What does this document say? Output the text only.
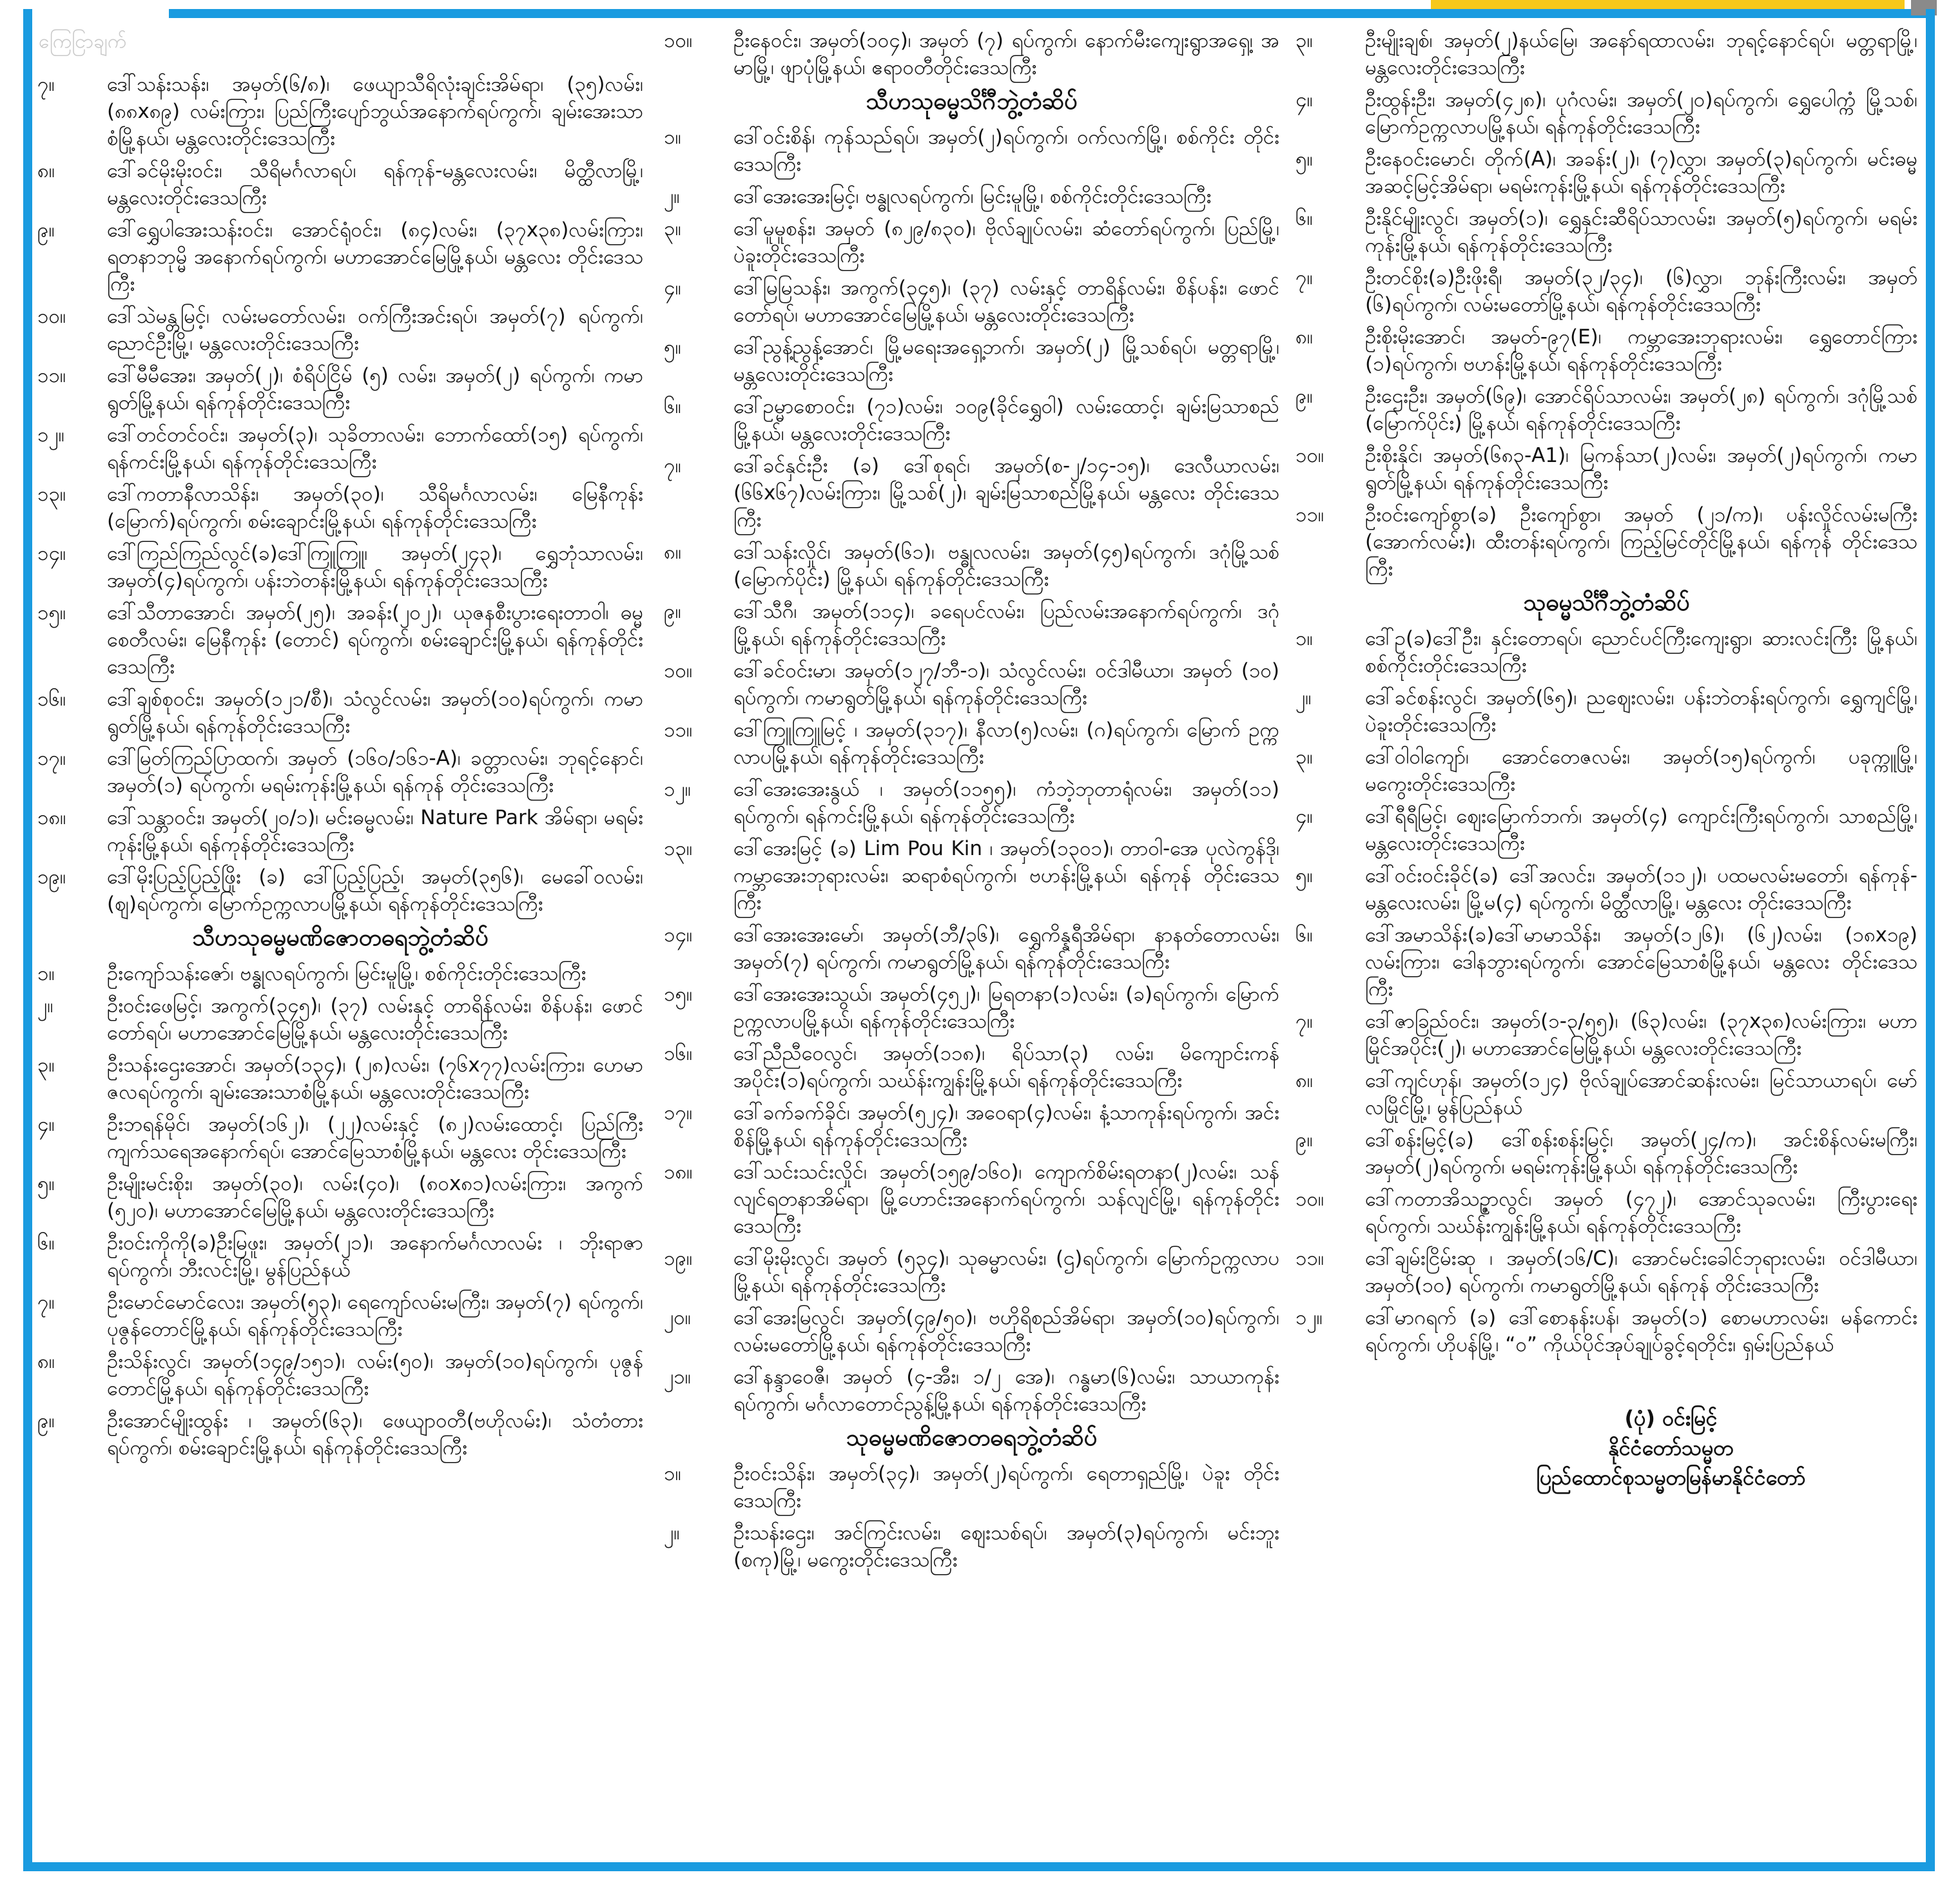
ကြေငြာချက်
၇။	ဒေါ်သန်းသန်း၊ အမှတ်(၆/၈)၊ ဖေယျာသီရိလုံးချင်းအိမ်ရာ၊ (၃၅)လမ်း၊ (၈၈x၈၉) လမ်းကြား၊ ပြည်ကြီးပျော်ဘွယ်အနောက်ရပ်ကွက်၊ ချမ်းအေးသာစံမြို့နယ်၊ မန္တလေးတိုင်းဒေသကြီး
၈။	ဒေါ်ခင်မိုးမိုးဝင်း၊ သီရိမင်္ဂလာရပ်၊ ရန်ကုန်-မန္တလေးလမ်း၊ မိတ္ထီလာမြို့၊ မန္တလေးတိုင်းဒေသကြီး
၉။	ဒေါ်ရွှေပါအေးသန်းဝင်း၊ အောင်ရုံဝင်း၊ (၈၄)လမ်း၊ (၃၇x၃၈)လမ်းကြား၊ ရတနာဘုမ္မိ အနောက်ရပ်ကွက်၊ မဟာအောင်မြေမြို့နယ်၊ မန္တလေး တိုင်းဒေသကြီး
၁၀။	ဒေါ်သဲမန္တမြင့်၊ လမ်းမတော်လမ်း၊ ဝက်ကြီးအင်းရပ်၊ အမှတ်(၇) ရပ်ကွက်၊ ညောင်ဦးမြို့၊ မန္တလေးတိုင်းဒေသကြီး
၁၁။	ဒေါ်မီမီအေး၊ အမှတ်(၂)၊ စံရိပ်ငြိမ် (၅) လမ်း၊ အမှတ်(၂) ရပ်ကွက်၊ ကမာရွတ်မြို့နယ်၊ ရန်ကုန်တိုင်းဒေသကြီး
၁၂။	ဒေါ်တင်တင်ဝင်း၊ အမှတ်(၃)၊ သုခိတာလမ်း၊ ဘောက်ထော်(၁၅) ရပ်ကွက်၊ ရန်ကင်းမြို့နယ်၊ ရန်ကုန်တိုင်းဒေသကြီး
၁၃။	ဒေါ်ကတာနီလာသိန်း၊ အမှတ်(၃၀)၊ သီရိမင်္ဂလာလမ်း၊ မြေနီကုန်း (မြောက်)ရပ်ကွက်၊ စမ်းချောင်းမြို့နယ်၊ ရန်ကုန်တိုင်းဒေသကြီး
၁၄။	ဒေါ်ကြည်ကြည်လွင်(ခ)ဒေါ်ကြူကြူ၊ အမှတ်(၂၄၃)၊ ရွှေဘုံသာလမ်း၊ အမှတ်(၄)ရပ်ကွက်၊ ပန်းဘဲတန်းမြို့နယ်၊ ရန်ကုန်တိုင်းဒေသကြီး
၁၅။	ဒေါ်သီတာအောင်၊ အမှတ်(၂၅)၊ အခန်း(၂၀၂)၊ ယုဇနစီးပွားရေးတာဝါ၊ ဓမ္မစေတီလမ်း၊ မြေနီကုန်း (တောင်) ရပ်ကွက်၊ စမ်းချောင်းမြို့နယ်၊ ရန်ကုန်တိုင်းဒေသကြီး
၁၆။	ဒေါ်ချစ်စုဝင်း၊ အမှတ်(၁၂၁/စီ)၊ သံလွင်လမ်း၊ အမှတ်(၁၀)ရပ်ကွက်၊ ကမာရွတ်မြို့နယ်၊ ရန်ကုန်တိုင်းဒေသကြီး
၁၇။	ဒေါ်မြတ်ကြည်ပြာထက်၊ အမှတ် (၁၆၀/၁၆၁-A)၊ ခတ္တာလမ်း၊ ဘုရင့်နောင်၊ အမှတ်(၁) ရပ်ကွက်၊ မရမ်းကုန်းမြို့နယ်၊ ရန်ကုန် တိုင်းဒေသကြီး
၁၈။	ဒေါ်သန္တာဝင်း၊ အမှတ်(၂၀/၁)၊ မင်းဓမ္မလမ်း၊ Nature Park အိမ်ရာ၊ မရမ်းကုန်းမြို့နယ်၊ ရန်ကုန်တိုင်းဒေသကြီး
၁၉။	ဒေါ်မိုးပြည့်ပြည့်ဖြိုး (ခ) ဒေါ်ပြည့်ပြည့်၊ အမှတ်(၃၅၆)၊ မေခေါ်ဝလမ်း၊ (ဈ)ရပ်ကွက်၊ မြောက်ဥက္ကလာပမြို့နယ်၊ ရန်ကုန်တိုင်းဒေသကြီး
သီဟသုဓမ္မမဏိဇောတဓရဘွဲ့တံဆိပ်
၁။	ဦးကျော်သန်းဇော်၊ ဗန္ဓုလရပ်ကွက်၊ မြင်းမူမြို့၊ စစ်ကိုင်းတိုင်းဒေသကြီး
၂။	ဦးဝင်းဖေမြင့်၊ အကွက်(၃၄၅)၊ (၃၇) လမ်းနှင့် တာရိန်လမ်း၊ စိန်ပန်း၊ ဖောင်တော်ရပ်၊ မဟာအောင်မြေမြို့နယ်၊ မန္တလေးတိုင်းဒေသကြီး
၃။	ဦးသန်းဌေးအောင်၊ အမှတ်(၁၃၄)၊ (၂၈)လမ်း၊ (၇၆x၇၇)လမ်းကြား၊ ဟေမာဇလရပ်ကွက်၊ ချမ်းအေးသာစံမြို့နယ်၊ မန္တလေးတိုင်းဒေသကြီး
၄။	ဦးဘရန်မိုင်၊ အမှတ်(၁၆၂)၊ (၂၂)လမ်းနှင့် (၈၂)လမ်းထောင့်၊ ပြည်ကြီး ကျက်သရေအနောက်ရပ်၊ အောင်မြေသာစံမြို့နယ်၊ မန္တလေး တိုင်းဒေသကြီး
၅။	ဦးမျိုးမင်းစိုး၊ အမှတ်(၃၀)၊ လမ်း(၄၀)၊ (၈၀x၈၁)လမ်းကြား၊ အကွက် (၅၂၀)၊ မဟာအောင်မြေမြို့နယ်၊ မန္တလေးတိုင်းဒေသကြီး
၆။	ဦးဝင်းကိုကို(ခ)ဦးမြဖူး၊ အမှတ်(၂၁)၊ အနောက်မင်္ဂလာလမ်း ၊ ဘိုးရာဇာရပ်ကွက်၊ ဘီးလင်းမြို့၊ မွန်ပြည်နယ်
၇။	ဦးမောင်မောင်လေး၊ အမှတ်(၅၃)၊ ရေကျော်လမ်းမကြီး၊ အမှတ်(၇) ရပ်ကွက်၊ ပုဇွန်တောင်မြို့နယ်၊ ရန်ကုန်တိုင်းဒေသကြီး
၈။	ဦးသိန်းလွင်၊ အမှတ်(၁၄၉/၁၅၁)၊ လမ်း(၅၀)၊ အမှတ်(၁၀)ရပ်ကွက်၊ ပုဇွန်တောင်မြို့နယ်၊ ရန်ကုန်တိုင်းဒေသကြီး
၉။	ဦးအောင်မျိုးထွန်း ၊ အမှတ်(၆၃)၊ ဖေယျာဝတီ(ဗဟိုလမ်း)၊ သံတံတား ရပ်ကွက်၊ စမ်းချောင်းမြို့နယ်၊ ရန်ကုန်တိုင်းဒေသကြီး
၁၀။	ဦးနေဝင်း၊ အမှတ်(၁၀၄)၊ အမှတ် (၇) ရပ်ကွက်၊ နောက်မီးကျေးရွာအရှေ့၊ အမာမြို့၊ ဖျာပုံမြို့နယ်၊ ဧရာဝတီတိုင်းဒေသကြီး
သီဟသုဓမ္မသိင်္ဂီဘွဲ့တံဆိပ်
၁။	ဒေါ်ဝင်းစိန်၊ ကုန်သည်ရပ်၊ အမှတ်(၂)ရပ်ကွက်၊ ဝက်လက်မြို့၊ စစ်ကိုင်း တိုင်းဒေသကြီး
၂။	ဒေါ်အေးအေးမြင့်၊ ဗန္ဓုလရပ်ကွက်၊ မြင်းမူမြို့၊ စစ်ကိုင်းတိုင်းဒေသကြီး
၃။	ဒေါ်မူမူစန်း၊ အမှတ် (၈၂၉/၈၃၀)၊ ဗိုလ်ချုပ်လမ်း၊ ဆံတော်ရပ်ကွက်၊ ပြည်မြို့၊ ပဲခူးတိုင်းဒေသကြီး
၄။	ဒေါ်မြမြသန်း၊ အကွက်(၃၄၅)၊ (၃၇) လမ်းနှင့် တာရိန်လမ်း၊ စိန်ပန်း၊ ဖောင်တော်ရပ်၊ မဟာအောင်မြေမြို့နယ်၊ မန္တလေးတိုင်းဒေသကြီး
၅။	ဒေါ်ညွန့်ညွန့်အောင်၊ မြို့မရေးအရှေ့ဘက်၊ အမှတ်(၂) မြို့သစ်ရပ်၊ မတ္တရာမြို့၊ မန္တလေးတိုင်းဒေသကြီး
၆။	ဒေါ်ဥမ္မာစောဝင်း၊ (၇၁)လမ်း၊ ၁၀၉(ခိုင်ရွှေဝါ) လမ်းထောင့်၊ ချမ်းမြသာစည်မြို့နယ်၊ မန္တလေးတိုင်းဒေသကြီး
၇။	ဒေါ်ခင်နှင်းဦး (ခ) ဒေါ်စုရင်၊ အမှတ်(စ-၂/၁၄-၁၅)၊ ဒေလီယာလမ်း၊ (၆၆x၆၇)လမ်းကြား၊ မြို့သစ်(၂)၊ ချမ်းမြသာစည်မြို့နယ်၊ မန္တလေး တိုင်းဒေသကြီး
၈။	ဒေါ်သန်းလှိုင်၊ အမှတ်(၆၁)၊ ဗန္ဓုလလမ်း၊ အမှတ်(၄၅)ရပ်ကွက်၊ ဒဂုံမြို့သစ် (မြောက်ပိုင်း) မြို့နယ်၊ ရန်ကုန်တိုင်းဒေသကြီး
၉။	ဒေါ်သီဂီ၊ အမှတ်(၁၁၄)၊ ခရေပင်လမ်း၊ ပြည်လမ်းအနောက်ရပ်ကွက်၊ ဒဂုံမြို့နယ်၊ ရန်ကုန်တိုင်းဒေသကြီး
၁၀။	ဒေါ်ခင်ဝင်းမာ၊ အမှတ်(၁၂၇/ဘီ-၁)၊ သံလွင်လမ်း၊ ဝင်ဒါမီယာ၊ အမှတ် (၁၀) ရပ်ကွက်၊ ကမာရွတ်မြို့နယ်၊ ရန်ကုန်တိုင်းဒေသကြီး
၁၁။	ဒေါ်ကြူကြူမြင့် ၊ အမှတ်(၃၁၇)၊ နီလာ(၅)လမ်း၊ (ဂ)ရပ်ကွက်၊ မြောက် ဥက္ကလာပမြို့နယ်၊ ရန်ကုန်တိုင်းဒေသကြီး
၁၂။	ဒေါ်အေးအေးနွယ် ၊ အမှတ်(၁၁၅၅)၊ ကံဘဲ့ဘုတာရုံလမ်း၊ အမှတ်(၁၁) ရပ်ကွက်၊ ရန်ကင်းမြို့နယ်၊ ရန်ကုန်တိုင်းဒေသကြီး
၁၃။	ဒေါ်အေးမြင့် (ခ) Lim Pou Kin ၊ အမှတ်(၁၃၀၁)၊ တာဝါ-အေ ပုလဲကွန်ဒို၊ ကမ္ဘာအေးဘုရားလမ်း၊ ဆရာစံရပ်ကွက်၊ ဗဟန်းမြို့နယ်၊ ရန်ကုန် တိုင်းဒေသကြီး
၁၄။	ဒေါ်အေးအေးမော်၊ အမှတ်(ဘီ/၃၆)၊ ရွှေကိန္နရီအိမ်ရာ၊ နာနတ်တောလမ်း၊ အမှတ်(၇) ရပ်ကွက်၊ ကမာရွတ်မြို့နယ်၊ ရန်ကုန်တိုင်းဒေသကြီး
၁၅။	ဒေါ်အေးအေးသွယ်၊ အမှတ်(၄၅၂)၊ မြရတနာ(၁)လမ်း၊ (ခ)ရပ်ကွက်၊ မြောက်ဥက္ကလာပမြို့နယ်၊ ရန်ကုန်တိုင်းဒေသကြီး
၁၆။	ဒေါ်ညီညီဝေလွင်၊ အမှတ်(၁၁၈)၊ ရိပ်သာ(၃) လမ်း၊ မိကျောင်းကန် အပိုင်း(၁)ရပ်ကွက်၊ သဃ်န်းကျွန်းမြို့နယ်၊ ရန်ကုန်တိုင်းဒေသကြီး
၁၇။	ဒေါ်ခက်ခက်ခိုင်၊ အမှတ်(၅၂၄)၊ အဝေရာ(၄)လမ်း၊ နံ့သာကုန်းရပ်ကွက်၊ အင်းစိန်မြို့နယ်၊ ရန်ကုန်တိုင်းဒေသကြီး
၁၈။	ဒေါ်သင်းသင်းလှိုင်၊ အမှတ်(၁၅၉/၁၆၀)၊ ကျောက်စိမ်းရတနာ(၂)လမ်း၊ သန်လျင်ရတနာအိမ်ရာ၊ မြို့ဟောင်းအနောက်ရပ်ကွက်၊ သန်လျင်မြို့၊ ရန်ကုန်တိုင်းဒေသကြီး
၁၉။	ဒေါ်မိုးမိုးလွင်၊ အမှတ် (၅၃၄)၊ သုဓမ္မာလမ်း၊ (ဌ)ရပ်ကွက်၊ မြောက်ဥက္ကလာပ မြို့နယ်၊ ရန်ကုန်တိုင်းဒေသကြီး
၂၀။	ဒေါ်အေးမြလွင်၊ အမှတ်(၄၉/၅၀)၊ ဗဟိုရိစည်အိမ်ရာ၊ အမှတ်(၁၀)ရပ်ကွက်၊ လမ်းမတော်မြို့နယ်၊ ရန်ကုန်တိုင်းဒေသကြီး
၂၁။	ဒေါ်နန္ဒာဝေဇီ၊ အမှတ် (၄-အီး၊ ၁/၂ အေ)၊ ဂန္ဓမာ(၆)လမ်း၊ သာယာကုန်း ရပ်ကွက်၊ မင်္ဂလာတောင်ညွန့်မြို့နယ်၊ ရန်ကုန်တိုင်းဒေသကြီး
သုဓမ္မမဏိဇောတဓရဘွဲ့တံဆိပ်
၁။	ဦးဝင်းသိန်း၊ အမှတ်(၃၄)၊ အမှတ်(၂)ရပ်ကွက်၊ ရေတာရှည်မြို့၊ ပဲခူး တိုင်းဒေသကြီး
၂။	ဦးသန်းဌေး၊ အင်ကြင်းလမ်း၊ ဈေးသစ်ရပ်၊ အမှတ်(၃)ရပ်ကွက်၊ မင်းဘူး (စကု)မြို့၊ မကွေးတိုင်းဒေသကြီး
၃။	ဦးမျိုးချစ်၊ အမှတ်(၂)နယ်မြေ၊ အနော်ရထာလမ်း၊ ဘုရင့်နောင်ရပ်၊ မတ္တရာမြို့၊ မန္တလေးတိုင်းဒေသကြီး
၄။	ဦးထွန်းဦး၊ အမှတ်(၄၂၈)၊ ပုဂံလမ်း၊ အမှတ်(၂၀)ရပ်ကွက်၊ ရွှေပေါက္ကံ မြို့သစ်၊ မြောက်ဥက္ကလာပမြို့နယ်၊ ရန်ကုန်တိုင်းဒေသကြီး
၅။	ဦးနေဝင်းမောင်၊ တိုက်(A)၊ အခန်း(၂)၊ (၇)လွှာ၊ အမှတ်(၃)ရပ်ကွက်၊ မင်းဓမ္မအဆင့်မြင့်အိမ်ရာ၊ မရမ်းကုန်းမြို့နယ်၊ ရန်ကုန်တိုင်းဒေသကြီး
၆။	ဦးနိုင်မျိုးလွင်၊ အမှတ်(၁)၊ ရွှေနှင်းဆီရိပ်သာလမ်း၊ အမှတ်(၅)ရပ်ကွက်၊ မရမ်းကုန်းမြို့နယ်၊ ရန်ကုန်တိုင်းဒေသကြီး
၇။	ဦးတင်စိုး(ခ)ဦးဖိုးရီ၊ အမှတ်(၃၂/၃၄)၊ (၆)လွှာ၊ ဘုန်းကြီးလမ်း၊ အမှတ် (၆)ရပ်ကွက်၊ လမ်းမတော်မြို့နယ်၊ ရန်ကုန်တိုင်းဒေသကြီး
၈။	ဦးစိုးမိုးအောင်၊ အမှတ်-၉၇(E)၊ ကမ္ဘာအေးဘုရားလမ်း၊ ရွှေတောင်ကြား (၁)ရပ်ကွက်၊ ဗဟန်းမြို့နယ်၊ ရန်ကုန်တိုင်းဒေသကြီး
၉။	ဦးဌေးဦး၊ အမှတ်(၆၉)၊ အောင်ရိပ်သာလမ်း၊ အမှတ်(၂၈) ရပ်ကွက်၊ ဒဂုံမြို့သစ် (မြောက်ပိုင်း) မြို့နယ်၊ ရန်ကုန်တိုင်းဒေသကြီး
၁၀။	ဦးစိုးနိုင်၊ အမှတ်(၆၈၃-A1)၊ မြကန်သာ(၂)လမ်း၊ အမှတ်(၂)ရပ်ကွက်၊ ကမာရွတ်မြို့နယ်၊ ရန်ကုန်တိုင်းဒေသကြီး
၁၁။	ဦးဝင်းကျော်စွာ(ခ) ဦးကျော်စွာ၊ အမှတ် (၂၁/က)၊ ပန်းလှိုင်လမ်းမကြီး (အောက်လမ်း)၊ ထီးတန်းရပ်ကွက်၊ ကြည့်မြင်တိုင်မြို့နယ်၊ ရန်ကုန် တိုင်းဒေသကြီး
သုဓမ္မသိင်္ဂီဘွဲ့တံဆိပ်
၁။	ဒေါ်ဥ(ခ)ဒေါ်ဦး၊ နှင်းတောရပ်၊ ညောင်ပင်ကြီးကျေးရွာ၊ ဆားလင်းကြီး မြို့နယ်၊ စစ်ကိုင်းတိုင်းဒေသကြီး
၂။	ဒေါ်ခင်စန်းလွင်၊ အမှတ်(၆၅)၊ ညဈေးလမ်း၊ ပန်းဘဲတန်းရပ်ကွက်၊ ရွှေကျင်မြို့၊ ပဲခူးတိုင်းဒေသကြီး
၃။	ဒေါ်ဝါဝါကျော်၊ အောင်တေဇလမ်း၊ အမှတ်(၁၅)ရပ်ကွက်၊ ပခုက္ကူမြို့၊ မကွေးတိုင်းဒေသကြီး
၄။	ဒေါ်ရီရီမြင့်၊ ဈေးမြောက်ဘက်၊ အမှတ်(၄) ကျောင်းကြီးရပ်ကွက်၊ သာစည်မြို့၊ မန္တလေးတိုင်းဒေသကြီး
၅။	ဒေါ်ဝင်းဝင်းခိုင်(ခ) ဒေါ်အလင်း၊ အမှတ်(၁၁၂)၊ ပထမလမ်းမတော်၊ ရန်ကုန်-မန္တလေးလမ်း၊ မြို့မ(၄) ရပ်ကွက်၊ မိတ္ထီလာမြို့၊ မန္တလေး တိုင်းဒေသကြီး
၆။	ဒေါ်အမာသိန်း(ခ)ဒေါ်မာမာသိန်း၊ အမှတ်(၁၂၆)၊ (၆၂)လမ်း၊ (၁၈x၁၉) လမ်းကြား၊ ဒေါနဘွားရပ်ကွက်၊ အောင်မြေသာစံမြို့နယ်၊ မန္တလေး တိုင်းဒေသကြီး
၇။	ဒေါ်ဇာခြည်ဝင်း၊ အမှတ်(၁-၃/၅၅)၊ (၆၃)လမ်း၊ (၃၇x၃၈)လမ်းကြား၊ မဟာမြိုင်အပိုင်း(၂)၊ မဟာအောင်မြေမြို့နယ်၊ မန္တလေးတိုင်းဒေသကြီး
၈။	ဒေါ်ကျင်ဟုန်၊ အမှတ်(၁၂၄) ဗိုလ်ချုပ်အောင်ဆန်းလမ်း၊ မြင်သာယာရပ်၊ မော်လမြိုင်မြို့၊ မွန်ပြည်နယ်
၉။	ဒေါ်စန်းမြင့်(ခ) ဒေါ်စန်းစန်းမြင့်၊ အမှတ်(၂၄/က)၊ အင်းစိန်လမ်းမကြီး၊ အမှတ်(၂)ရပ်ကွက်၊ မရမ်းကုန်းမြို့နယ်၊ ရန်ကုန်တိုင်းဒေသကြီး
၁၀။	ဒေါ်ကတာအိသဥ္ဇာလွင်၊ အမှတ် (၄၇၂)၊ အောင်သုခလမ်း၊ ကြီးပွားရေး ရပ်ကွက်၊ သဃ်န်းကျွန်းမြို့နယ်၊ ရန်ကုန်တိုင်းဒေသကြီး
၁၁။	ဒေါ်ချမ်းငြိမ်းဆု ၊ အမှတ်(၁၆/C)၊ အောင်မင်းခေါင်ဘုရားလမ်း၊ ဝင်ဒါမီယာ၊ အမှတ်(၁၀) ရပ်ကွက်၊ ကမာရွတ်မြို့နယ်၊ ရန်ကုန် တိုင်းဒေသကြီး
၁၂။	ဒေါ်မာဂရက် (ခ) ဒေါ်စောနန်းပန်၊ အမှတ်(၁) စောမဟာလမ်း၊ မန်ကောင်းရပ်ကွက်၊ ဟိုပန်မြို့၊ “ဝ” ကိုယ်ပိုင်အုပ်ချုပ်ခွင့်ရတိုင်း၊ ရှမ်းပြည်နယ်
(ပုံ) ဝင်းမြင့်
နိုင်ငံတော်သမ္မတ
ပြည်ထောင်စုသမ္မတမြန်မာနိုင်ငံတော်
